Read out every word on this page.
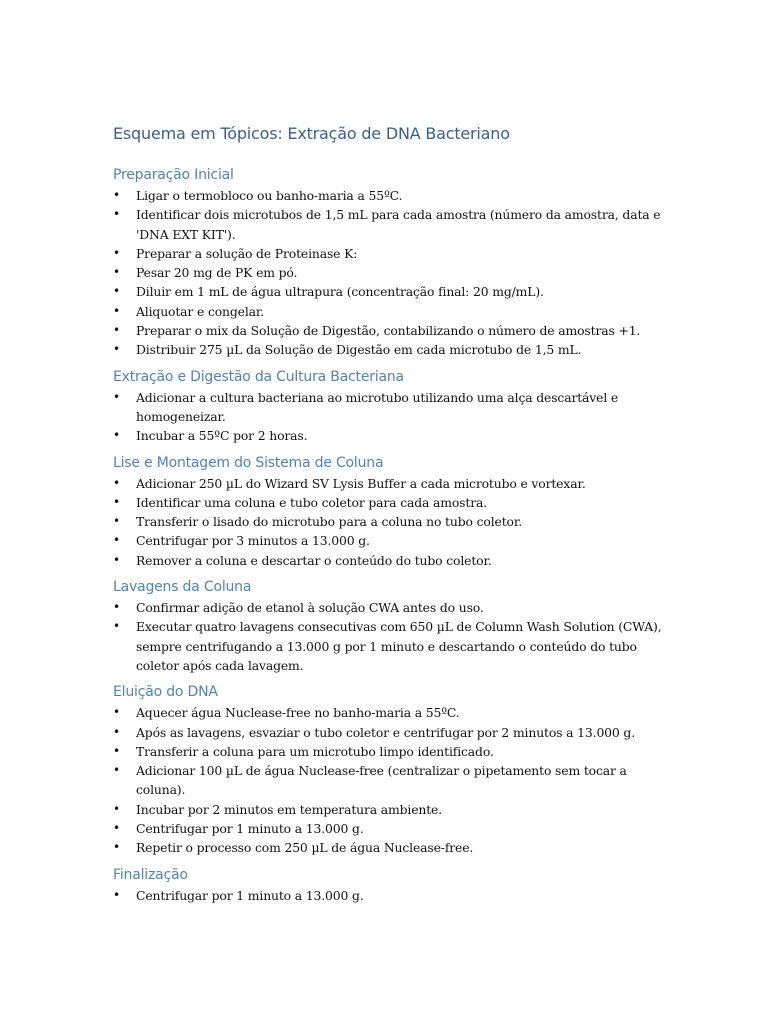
Esquema em Tópicos: Extração de DNA Bacteriano
Preparação Inicial
• Ligar o termobloco ou banho-maria a 55ºC.
• Identificar dois microtubos de 1,5 mL para cada amostra (número da amostra, data e 'DNA EXT KIT').
• Preparar a solução de Proteinase K:
• Pesar 20 mg de PK em pó.
• Diluir em 1 mL de água ultrapura (concentração final: 20 mg/mL).
• Aliquotar e congelar.
• Preparar o mix da Solução de Digestão, contabilizando o número de amostras +1.
• Distribuir 275 µL da Solução de Digestão em cada microtubo de 1,5 mL.
Extração e Digestão da Cultura Bacteriana
• Adicionar a cultura bacteriana ao microtubo utilizando uma alça descartável e homogeneizar.
• Incubar a 55ºC por 2 horas.
Lise e Montagem do Sistema de Coluna
• Adicionar 250 µL do Wizard SV Lysis Buffer a cada microtubo e vortexar.
• Identificar uma coluna e tubo coletor para cada amostra.
• Transferir o lisado do microtubo para a coluna no tubo coletor.
• Centrifugar por 3 minutos a 13.000 g.
• Remover a coluna e descartar o conteúdo do tubo coletor.
Lavagens da Coluna
• Confirmar adição de etanol à solução CWA antes do uso.
• Executar quatro lavagens consecutivas com 650 µL de Column Wash Solution (CWA), sempre centrifugando a 13.000 g por 1 minuto e descartando o conteúdo do tubo coletor após cada lavagem.
Eluição do DNA
• Aquecer água Nuclease-free no banho-maria a 55ºC.
• Após as lavagens, esvaziar o tubo coletor e centrifugar por 2 minutos a 13.000 g.
• Transferir a coluna para um microtubo limpo identificado.
• Adicionar 100 µL de água Nuclease-free (centralizar o pipetamento sem tocar a coluna).
• Incubar por 2 minutos em temperatura ambiente.
• Centrifugar por 1 minuto a 13.000 g.
• Repetir o processo com 250 µL de água Nuclease-free.
Finalização
• Centrifugar por 1 minuto a 13.000 g.
